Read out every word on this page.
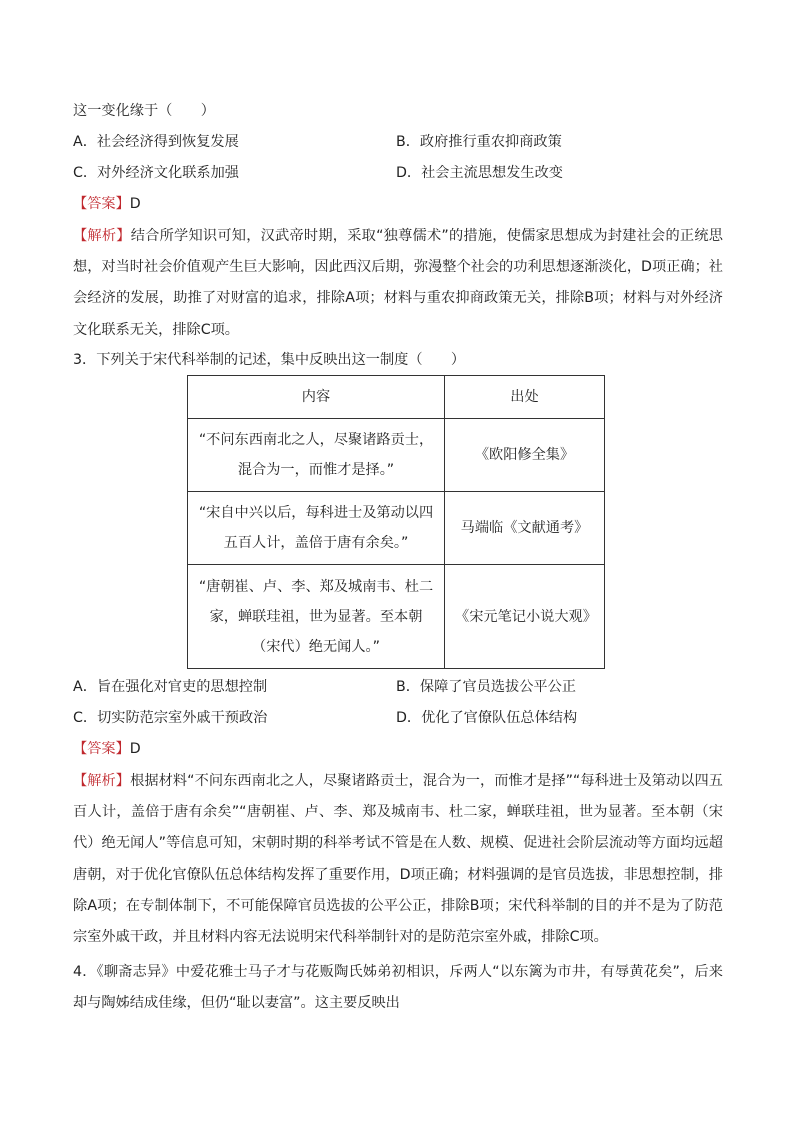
这一变化缘于（　　）
A．社会经济得到恢复发展	B．政府推行重农抑商政策
C．对外经济文化联系加强	D．社会主流思想发生改变
【答案】D
【解析】结合所学知识可知，汉武帝时期，采取“独尊儒术”的措施，使儒家思想成为封建社会的正统思想，对当时社会价值观产生巨大影响，因此西汉后期，弥漫整个社会的功利思想逐渐淡化，D项正确；社会经济的发展，助推了对财富的追求，排除A项；材料与重农抑商政策无关，排除B项；材料与对外经济文化联系无关，排除C项。
3．下列关于宋代科举制的记述，集中反映出这一制度（　　）
内容	出处
“不问东西南北之人，尽聚诸路贡士，混合为一，而惟才是择。”	《欧阳修全集》
“宋自中兴以后，每科进士及第动以四五百人计，盖倍于唐有余矣。”	马端临《文献通考》
“唐朝崔、卢、李、郑及城南韦、杜二家，蝉联珪祖，世为显著。至本朝（宋代）绝无闻人。”	《宋元笔记小说大观》
A．旨在强化对官吏的思想控制	B．保障了官员选拔公平公正
C．切实防范宗室外戚干预政治	D．优化了官僚队伍总体结构
【答案】D
【解析】根据材料“不问东西南北之人，尽聚诸路贡士，混合为一，而惟才是择”“每科进士及第动以四五百人计，盖倍于唐有余矣”“唐朝崔、卢、李、郑及城南韦、杜二家，蝉联珪祖，世为显著。至本朝（宋代）绝无闻人”等信息可知，宋朝时期的科举考试不管是在人数、规模、促进社会阶层流动等方面均远超唐朝，对于优化官僚队伍总体结构发挥了重要作用，D项正确；材料强调的是官员选拔，非思想控制，排除A项；在专制体制下，不可能保障官员选拔的公平公正，排除B项；宋代科举制的目的并不是为了防范宗室外戚干政，并且材料内容无法说明宋代科举制针对的是防范宗室外戚，排除C项。
4．《聊斋志异》中爱花雅士马子才与花贩陶氏姊弟初相识，斥两人“以东篱为市井，有辱黄花矣”，后来却与陶姊结成佳缘，但仍“耻以妻富”。这主要反映出
